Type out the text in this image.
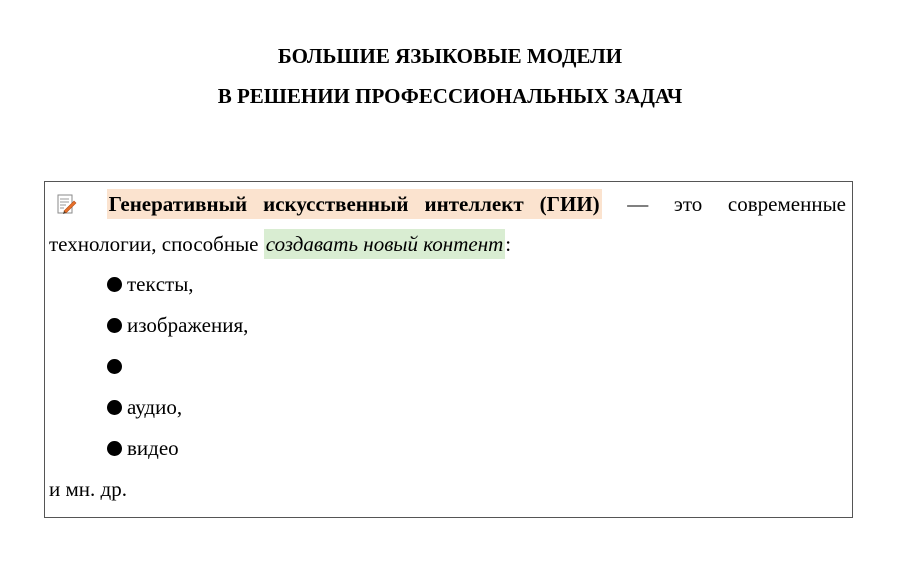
БОЛЬШИЕ ЯЗЫКОВЫЕ МОДЕЛИ
В РЕШЕНИИ ПРОФЕССИОНАЛЬНЫХ ЗАДАЧ
Генеративный искусственный интеллект (ГИИ) — это современные
технологии, способные создавать новый контент:
текcты,
изображения,
аудио,
видео
и мн. др.
